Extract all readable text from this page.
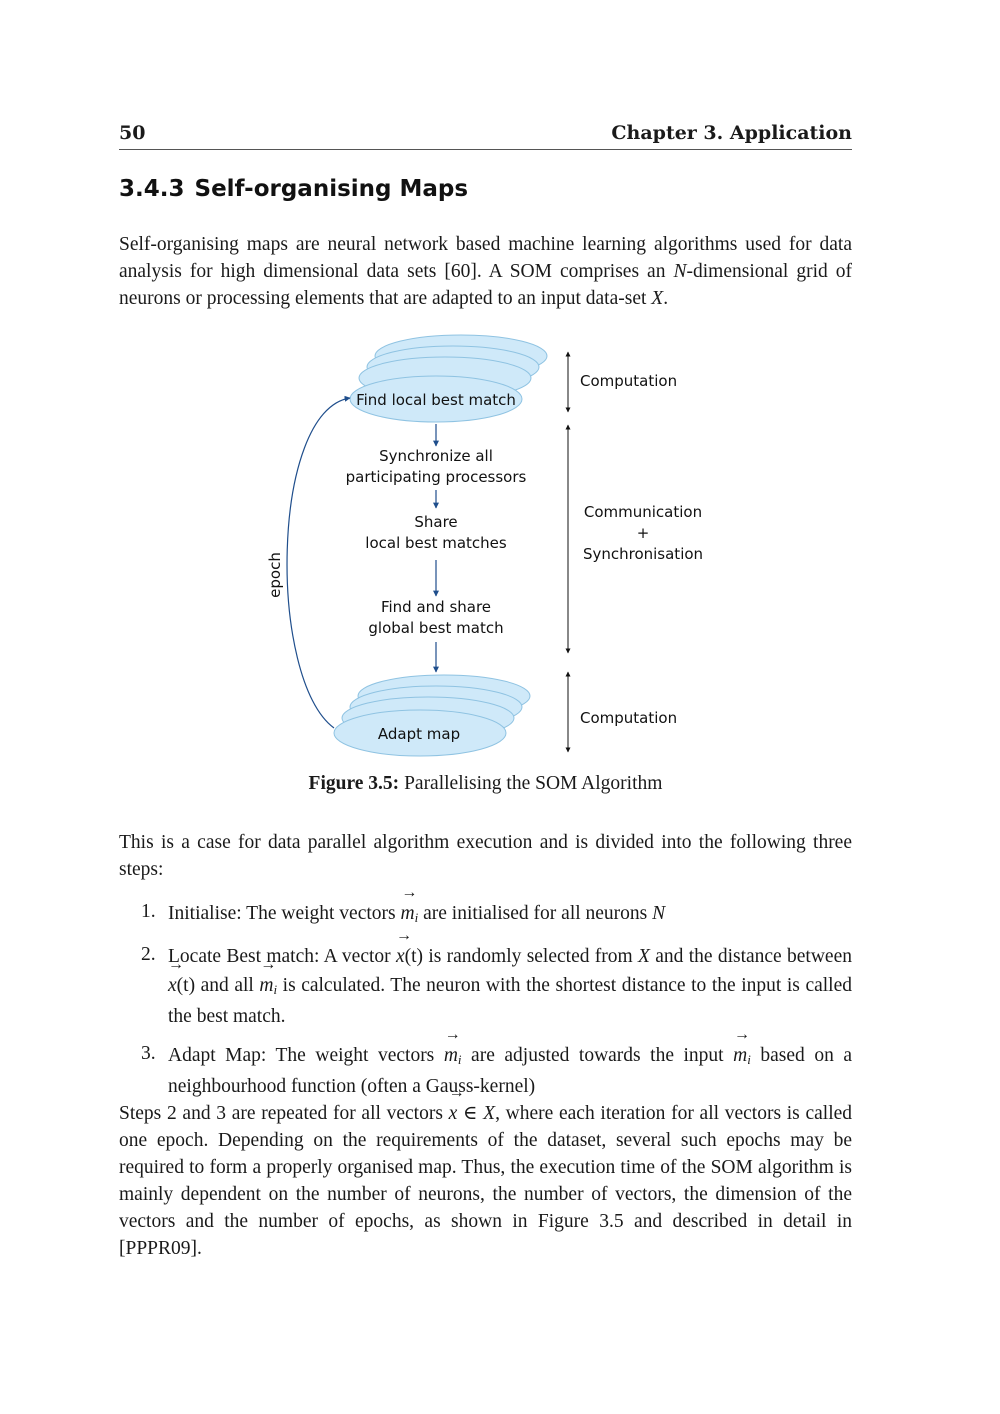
50	Chapter 3. Application
3.4.3 Self-organising Maps

Self-organising maps are neural network based machine learning algorithms used for data analysis for high dimensional data sets [60]. A SOM comprises an N-dimensional grid of neurons or processing elements that are adapted to an input data-set X.

Find local best match
Synchronize all
participating processors
Share
local best matches
Find and share
global best match
Adapt map
epoch
Computation
Communication
+
Synchronisation
Computation
Figure 3.5: Parallelising the SOM Algorithm

This is a case for data parallel algorithm execution and is divided into the following three steps:

1. Initialise: The weight vectors → $m_i$ are initialised for all neurons N
2. Locate Best match: A vector → x(t) is randomly selected from X and the distance between → x(t) and all → $m_i$ is calculated. The neuron with the shortest distance to the input is called the best match.
3. Adapt Map: The weight vectors → $m_i$ are adjusted towards the input → $m_i$ based on a neighbourhood function (often a Gauss-kernel)

Steps 2 and 3 are repeated for all vectors → x ∈ X, where each iteration for all vectors is called one epoch. Depending on the requirements of the dataset, several such epochs may be required to form a properly organised map. Thus, the execution time of the SOM algorithm is mainly dependent on the number of neurons, the number of vectors, the dimension of the vectors and the number of epochs, as shown in Figure 3.5 and described in detail in [PPPR09].
